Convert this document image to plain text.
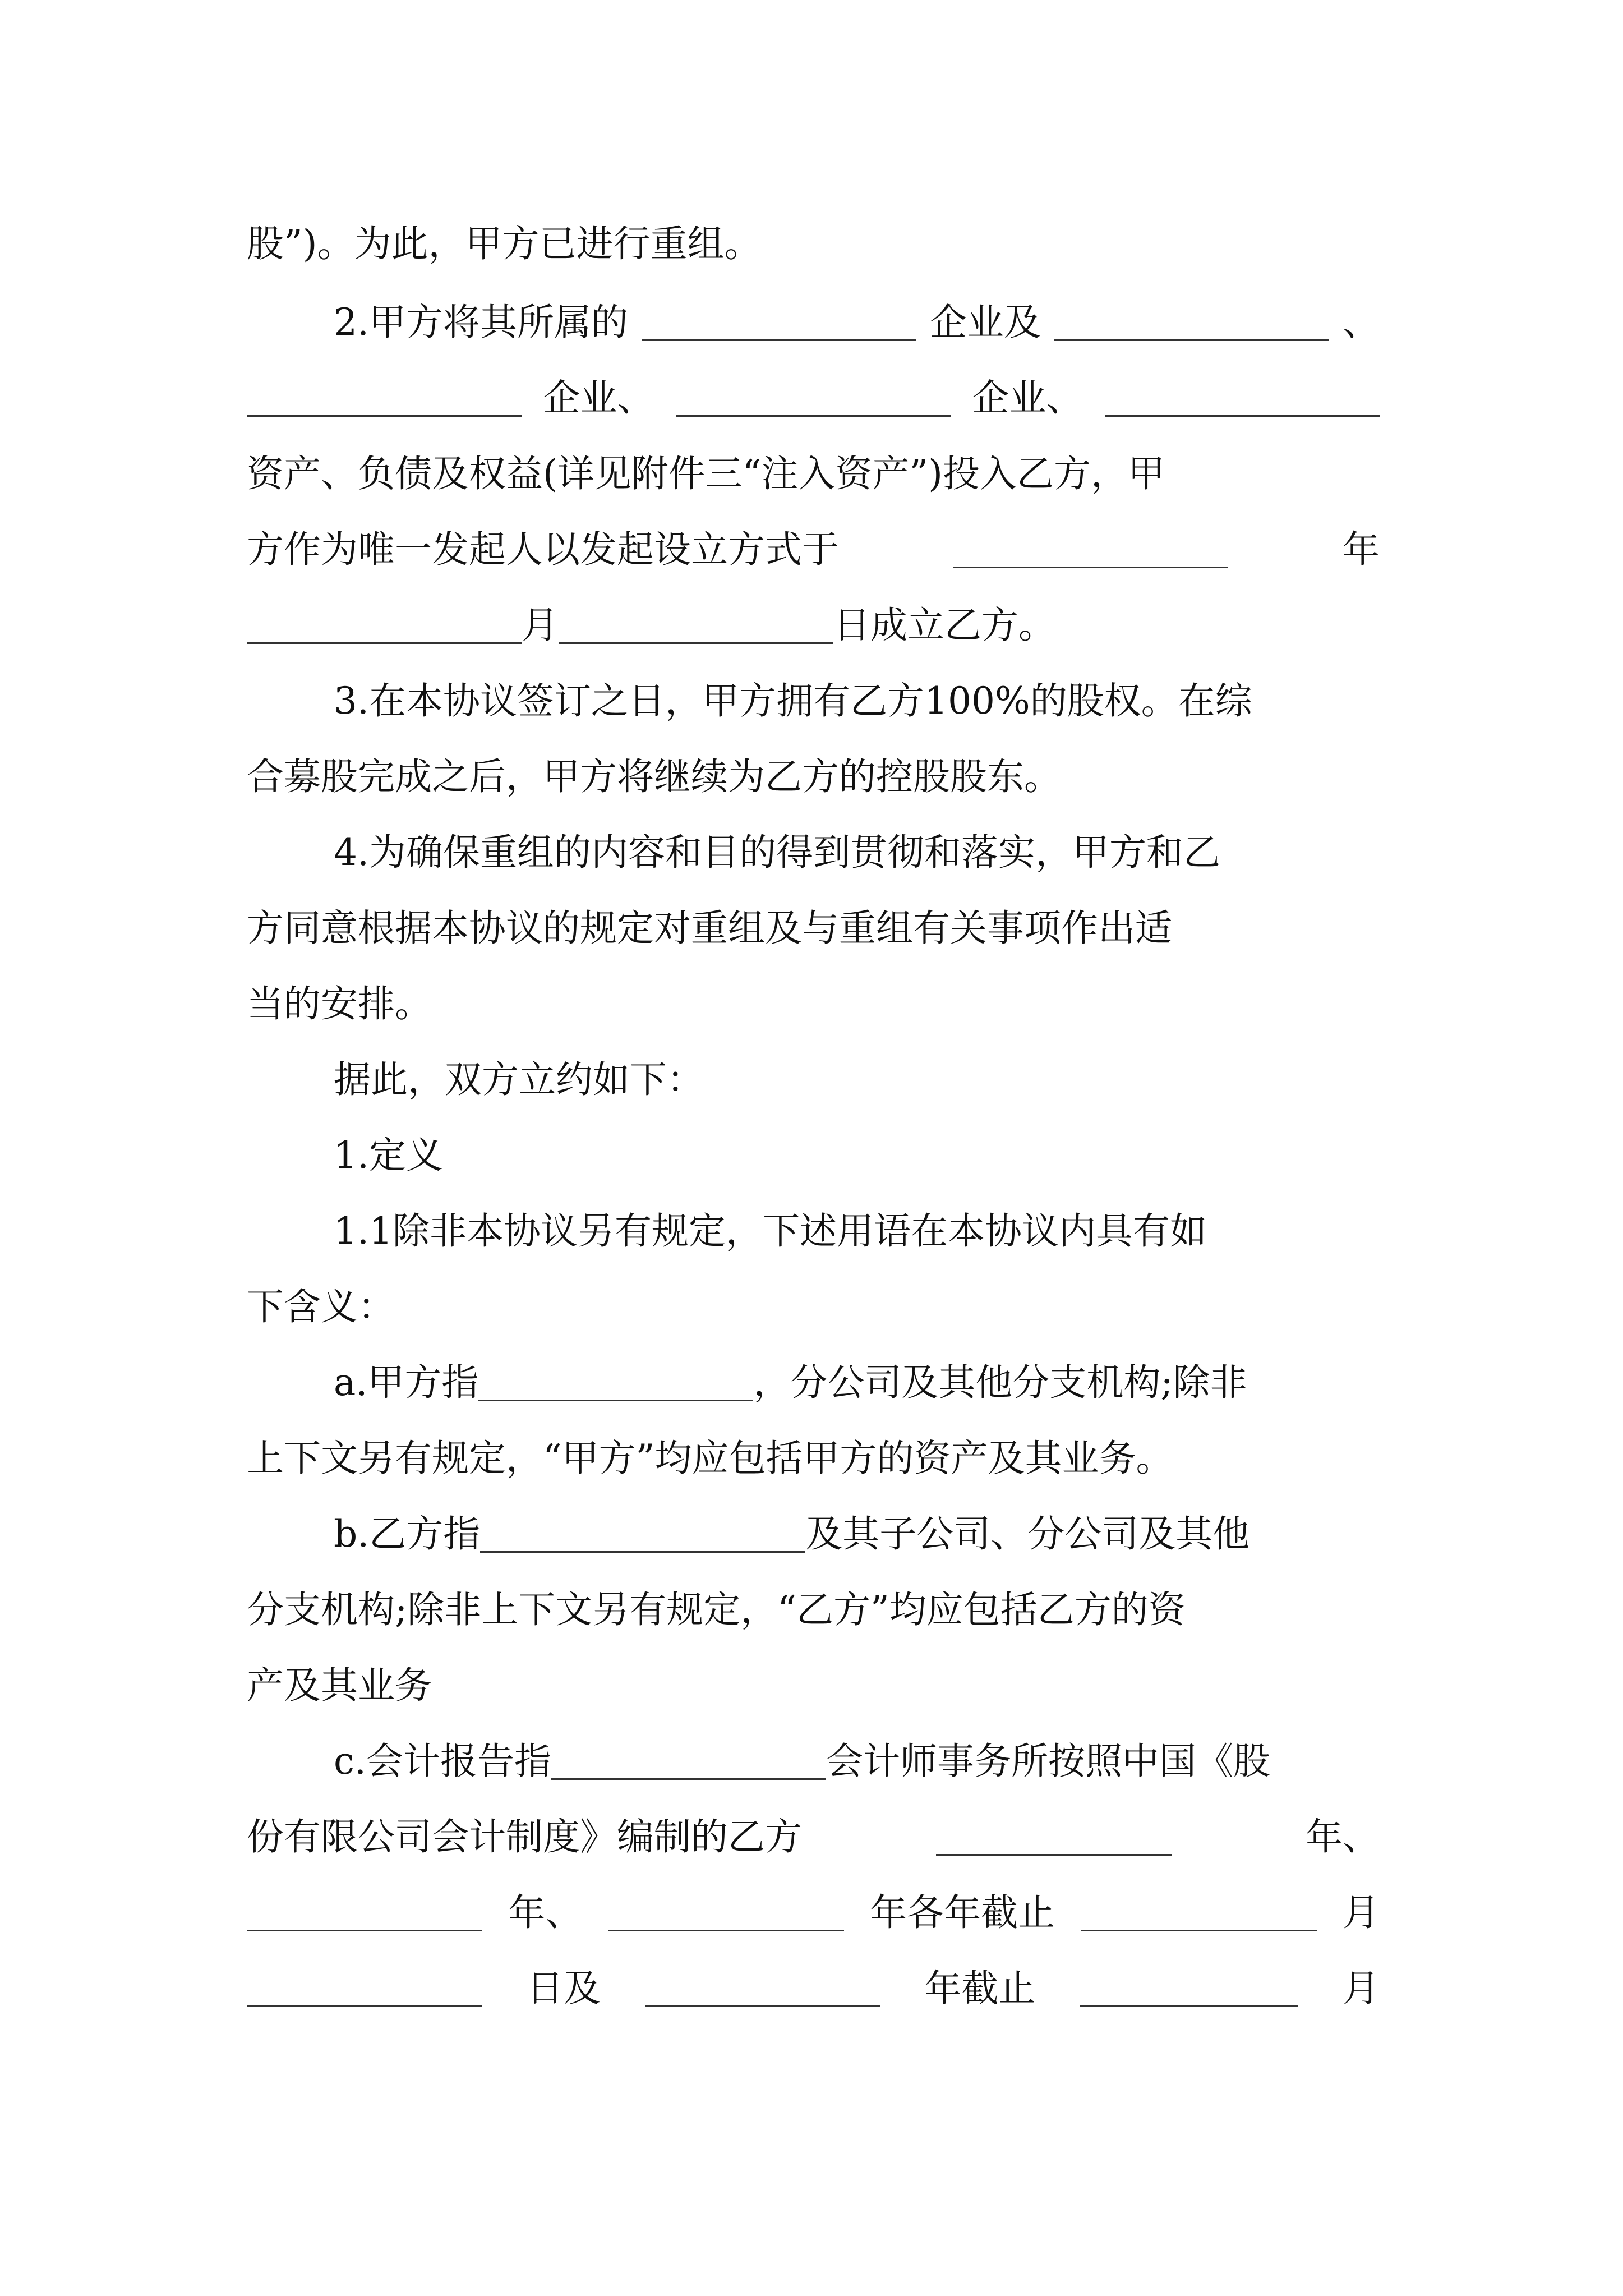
股”)。为此，甲方已进行重组。
2.甲方将其所属的	企业及	、
企业、	企业、
资产、负债及权益(详见附件三“注入资产”)投入乙方，甲
方作为唯一发起人以发起设立方式于	年
月	日成立乙方。
3.在本协议签订之日，甲方拥有乙方100%的股权。在综
合募股完成之后，甲方将继续为乙方的控股股东。
4.为确保重组的内容和目的得到贯彻和落实，甲方和乙
方同意根据本协议的规定对重组及与重组有关事项作出适
当的安排。
据此，双方立约如下：
1.定义
1.1除非本协议另有规定，下述用语在本协议内具有如
下含义：
a.甲方指	，分公司及其他分支机构;除非
上下文另有规定，“甲方”均应包括甲方的资产及其业务。
b.乙方指	及其子公司、分公司及其他
分支机构;除非上下文另有规定，“乙方”均应包括乙方的资
产及其业务
c.会计报告指	会计师事务所按照中国《股
份有限公司会计制度》编制的乙方	年、
年、	年各年截止	月
日及	年截止	月
